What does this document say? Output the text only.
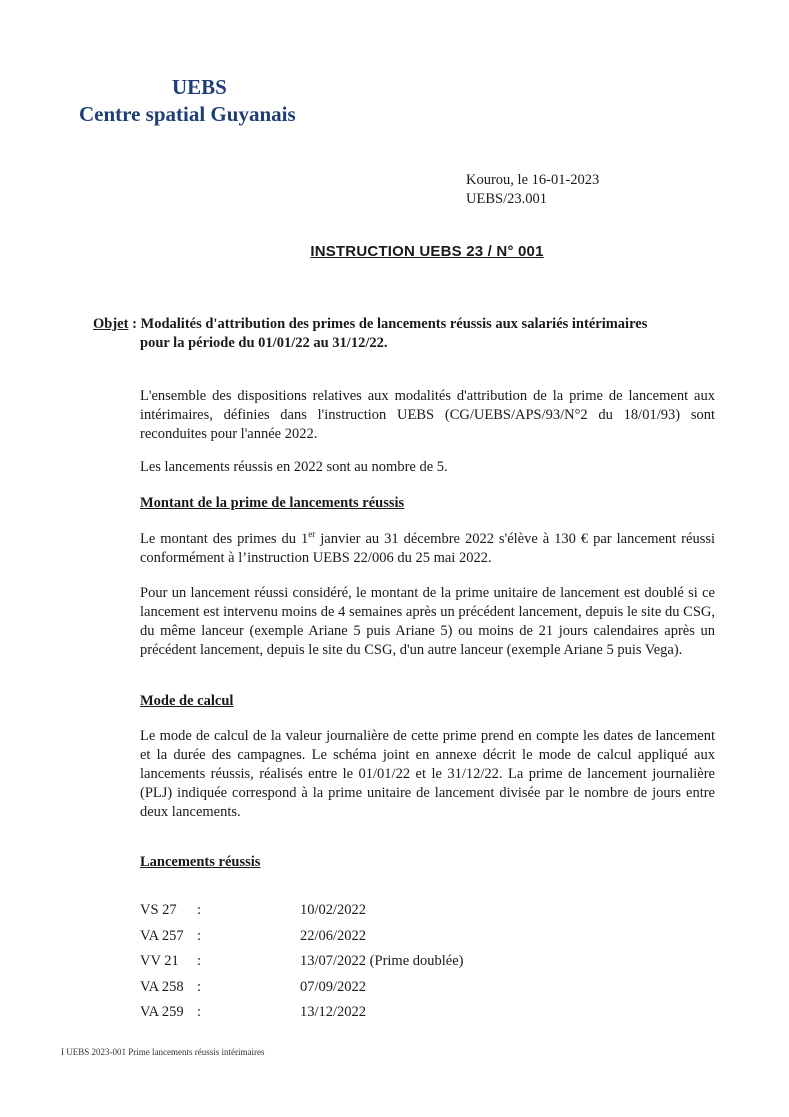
UEBS
Centre spatial Guyanais
Kourou, le 16-01-2023
UEBS/23.001
INSTRUCTION UEBS 23 / N° 001
Objet : Modalités d'attribution des primes de lancements réussis aux salariés intérimaires
pour la période du 01/01/22 au 31/12/22.

L'ensemble des dispositions relatives aux modalités d'attribution de la prime de lancement aux intérimaires, définies dans l'instruction UEBS (CG/UEBS/APS/93/N°2 du 18/01/93) sont reconduites pour l'année 2022.

Les lancements réussis en 2022 sont au nombre de 5.

Montant de la prime de lancements réussis

Le montant des primes du 1er janvier au 31 décembre 2022 s'élève à 130 € par lancement réussi conformément à l’instruction UEBS 22/006 du 25 mai 2022.

Pour un lancement réussi considéré, le montant de la prime unitaire de lancement est doublé si ce lancement est intervenu moins de 4 semaines après un précédent lancement, depuis le site du CSG, du même lanceur (exemple Ariane 5 puis Ariane 5) ou moins de 21 jours calendaires après un précédent lancement, depuis le site du CSG, d'un autre lanceur (exemple Ariane 5 puis Vega).

Mode de calcul

Le mode de calcul de la valeur journalière de cette prime prend en compte les dates de lancement et la durée des campagnes. Le schéma joint en annexe décrit le mode de calcul appliqué aux lancements réussis, réalisés entre le 01/01/22 et le 31/12/22. La prime de lancement journalière (PLJ) indiquée correspond à la prime unitaire de lancement divisée par le nombre de jours entre deux lancements.

Lancements réussis
VS 27	:	10/02/2022
VA 257 :	22/06/2022
VV 21	:	13/07/2022 (Prime doublée)
VA 258 :	07/09/2022
VA 259 :	13/12/2022
I UEBS 2023-001 Prime lancements réussis intérimaires
